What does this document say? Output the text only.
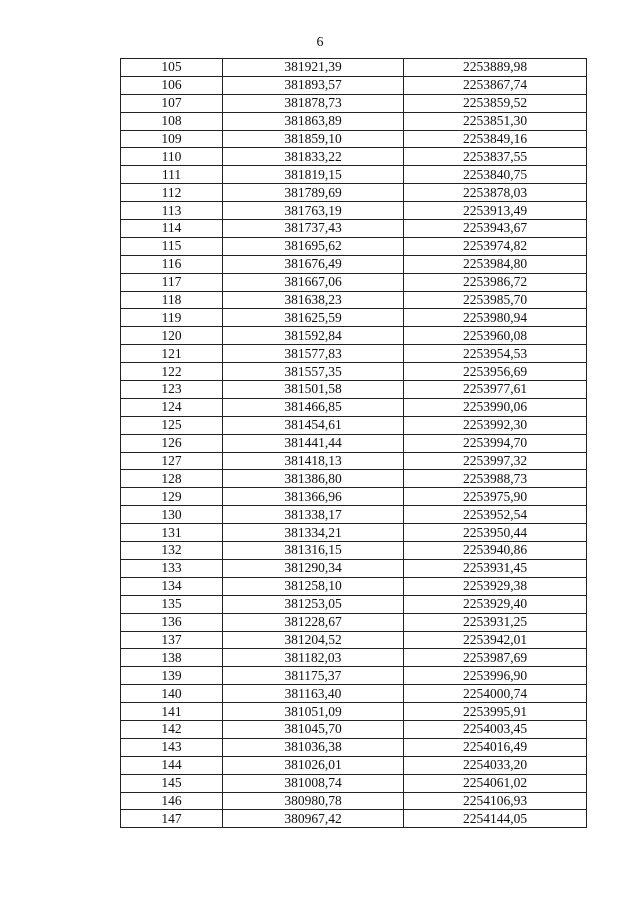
6
105	381921,39	2253889,98
106	381893,57	2253867,74
107	381878,73	2253859,52
108	381863,89	2253851,30
109	381859,10	2253849,16
110	381833,22	2253837,55
111	381819,15	2253840,75
112	381789,69	2253878,03
113	381763,19	2253913,49
114	381737,43	2253943,67
115	381695,62	2253974,82
116	381676,49	2253984,80
117	381667,06	2253986,72
118	381638,23	2253985,70
119	381625,59	2253980,94
120	381592,84	2253960,08
121	381577,83	2253954,53
122	381557,35	2253956,69
123	381501,58	2253977,61
124	381466,85	2253990,06
125	381454,61	2253992,30
126	381441,44	2253994,70
127	381418,13	2253997,32
128	381386,80	2253988,73
129	381366,96	2253975,90
130	381338,17	2253952,54
131	381334,21	2253950,44
132	381316,15	2253940,86
133	381290,34	2253931,45
134	381258,10	2253929,38
135	381253,05	2253929,40
136	381228,67	2253931,25
137	381204,52	2253942,01
138	381182,03	2253987,69
139	381175,37	2253996,90
140	381163,40	2254000,74
141	381051,09	2253995,91
142	381045,70	2254003,45
143	381036,38	2254016,49
144	381026,01	2254033,20
145	381008,74	2254061,02
146	380980,78	2254106,93
147	380967,42	2254144,05
